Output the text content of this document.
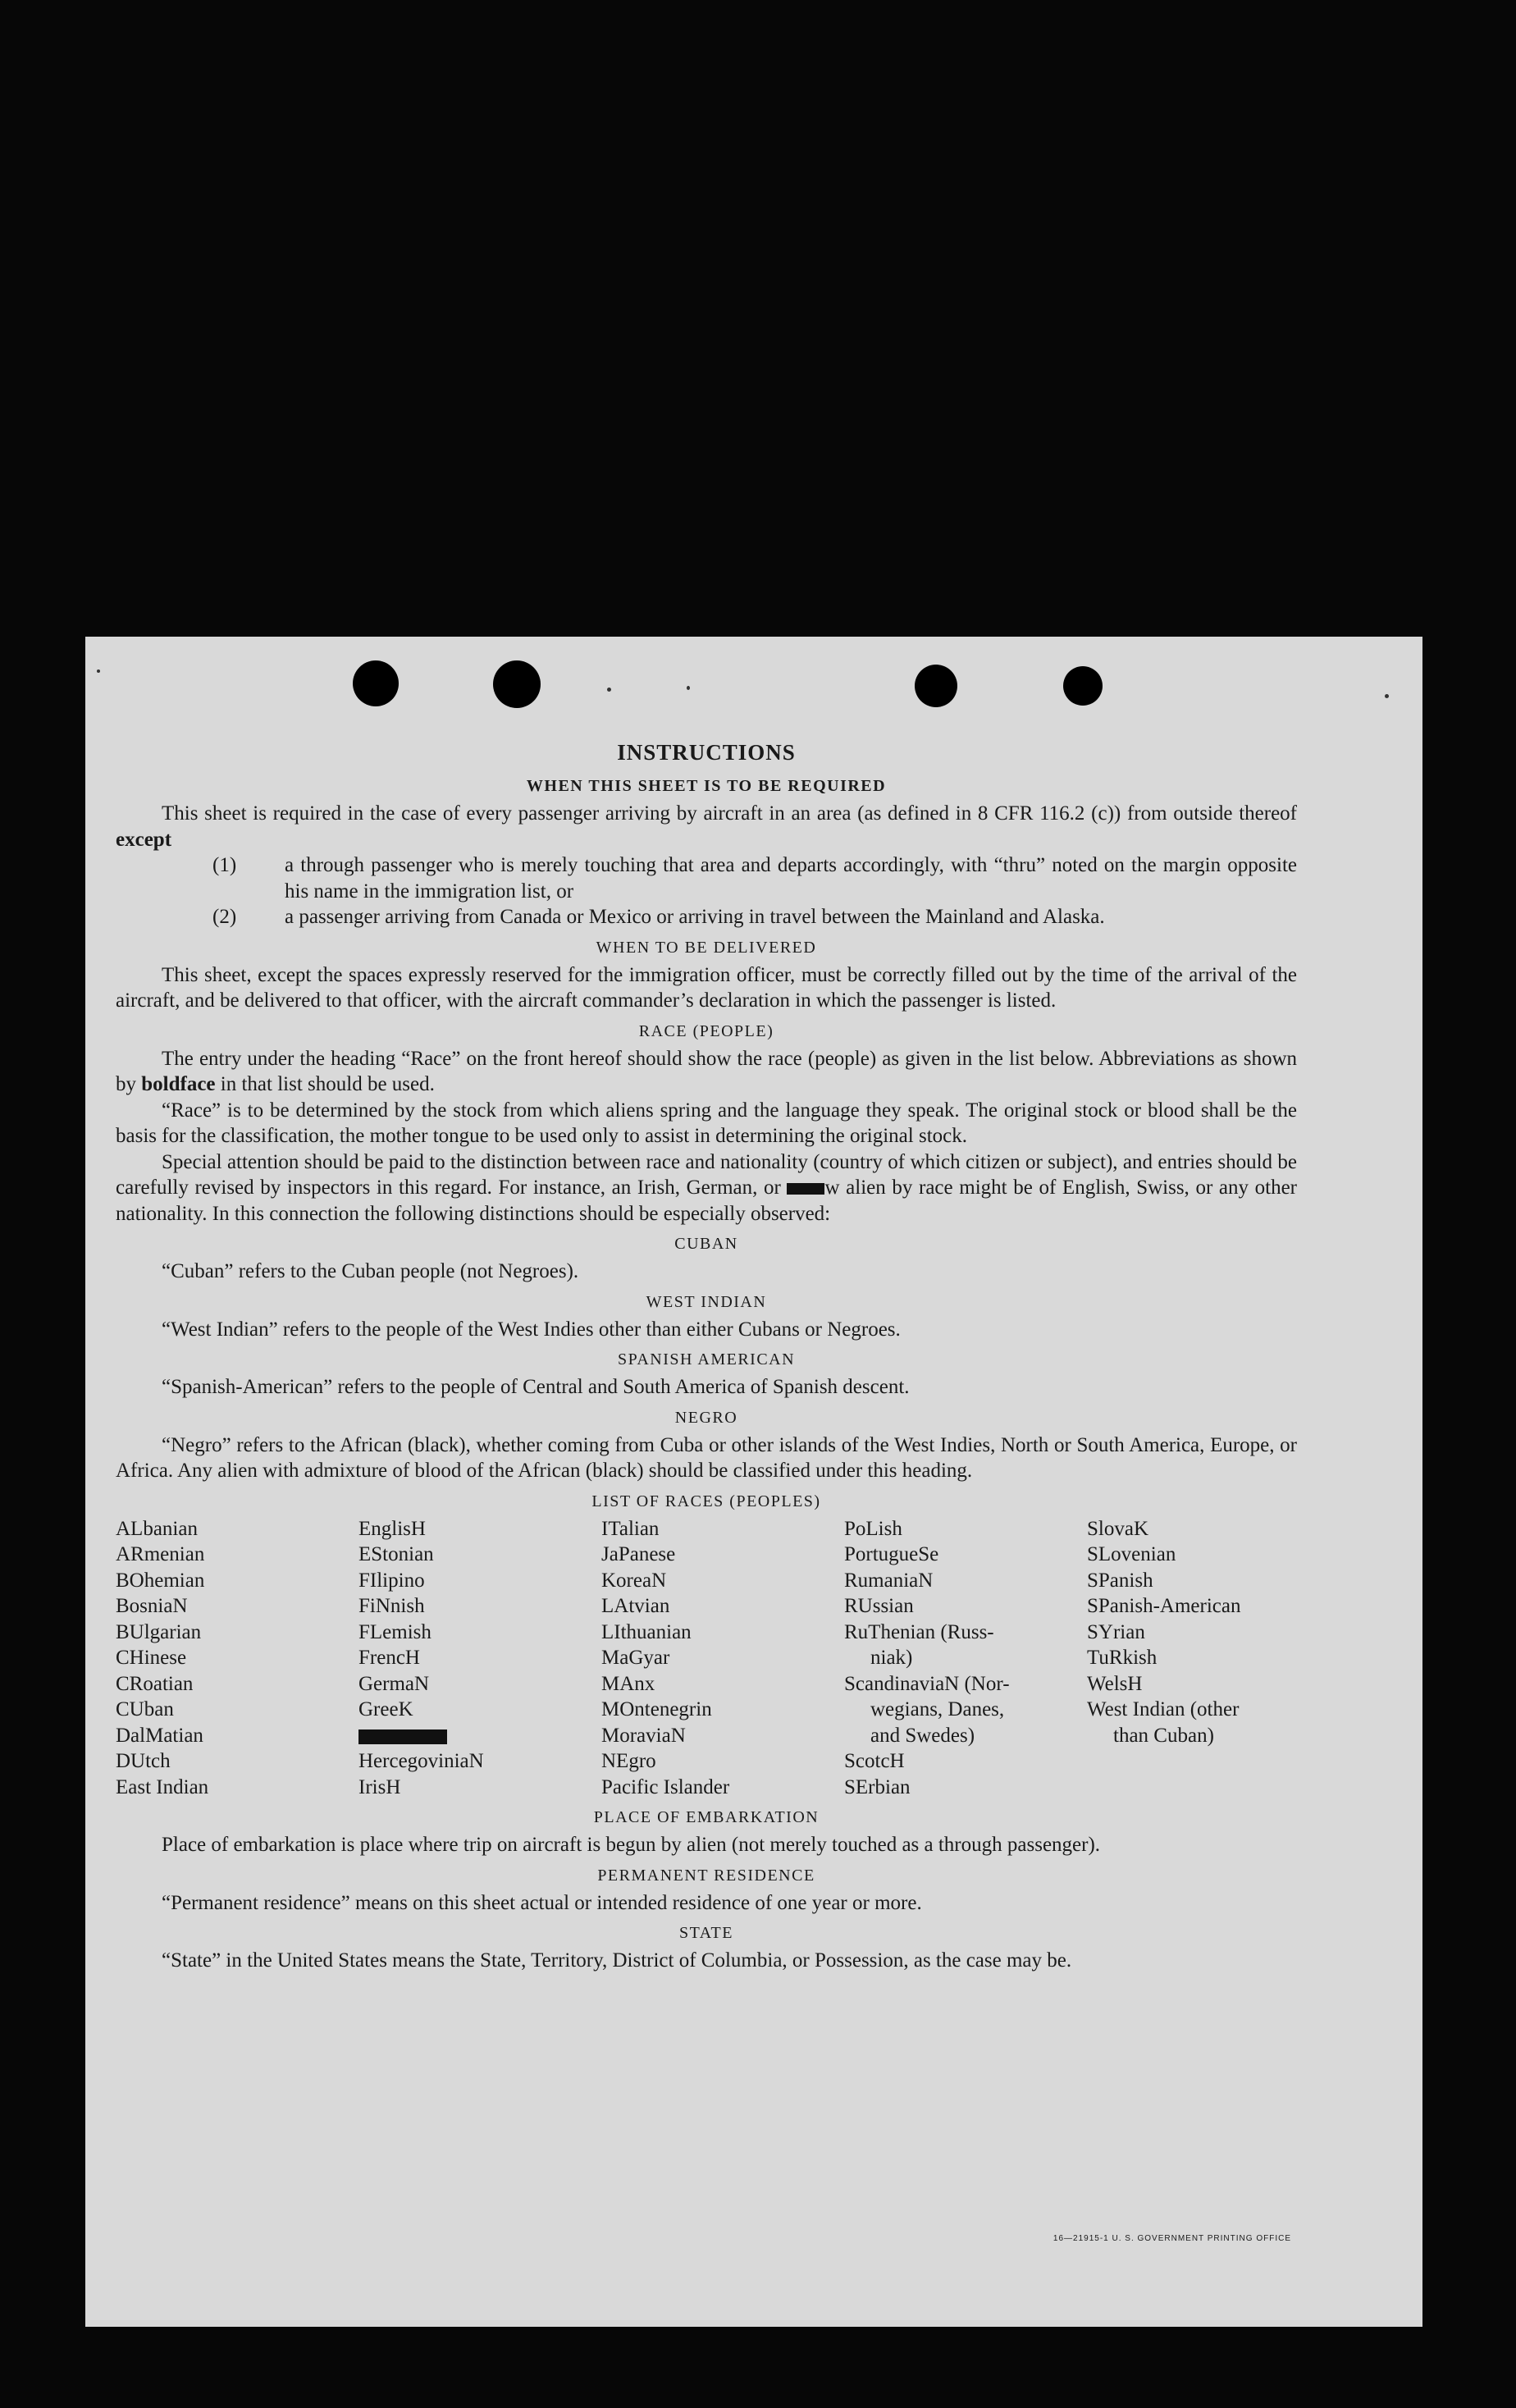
INSTRUCTIONS
WHEN THIS SHEET IS TO BE REQUIRED

This sheet is required in the case of every passenger arriving by aircraft in an area (as defined in 8 CFR 116.2 (c)) from outside thereof except

(1) a through passenger who is merely touching that area and departs accordingly, with “thru” noted on the margin opposite his name in the immigration list, or

(2) a passenger arriving from Canada or Mexico or arriving in travel between the Mainland and Alaska.

WHEN TO BE DELIVERED

This sheet, except the spaces expressly reserved for the immigration officer, must be correctly filled out by the time of the arrival of the aircraft, and be delivered to that officer, with the aircraft commander’s declaration in which the passenger is listed.

RACE (PEOPLE)

The entry under the heading “Race” on the front hereof should show the race (people) as given in the list below. Abbreviations as shown by boldface in that list should be used.

“Race” is to be determined by the stock from which aliens spring and the language they speak. The original stock or blood shall be the basis for the classification, the mother tongue to be used only to assist in determining the original stock.

Special attention should be paid to the distinction between race and nationality (country of which citizen or subject), and entries should be carefully revised by inspectors in this regard. For instance, an Irish, German, or w alien by race might be of English, Swiss, or any other nationality. In this connection the following distinctions should be especially observed:

CUBAN

“Cuban” refers to the Cuban people (not Negroes).

WEST INDIAN

“West Indian” refers to the people of the West Indies other than either Cubans or Negroes.

SPANISH AMERICAN

“Spanish-American” refers to the people of Central and South America of Spanish descent.

NEGRO

“Negro” refers to the African (black), whether coming from Cuba or other islands of the West Indies, North or South America, Europe, or Africa. Any alien with admixture of blood of the African (black) should be classified under this heading.

LIST OF RACES (PEOPLES)
ALbanian
ARmenian
BOhemian
BosniaN
BUlgarian
CHinese
CRoatian
CUban
DalMatian
DUtch
East Indian
EnglisH
EStonian
FIlipino
FiNnish
FLemish
FrencH
GermaN
GreeK
HercegoviniaN
IrisH
ITalian
JaPanese
KoreaN
LAtvian
LIthuanian
MaGyar
MAnx
MOntenegrin
MoraviaN
NEgro
Pacific Islander
PoLish
PortugueSe
RumaniaN
RUssian
RuThenian (Russ-
niak)
ScandinaviaN (Nor-
wegians, Danes,
and Swedes)
ScotcH
SErbian
SlovaK
SLovenian
SPanish
SPanish-American
SYrian
TuRkish
WelsH
West Indian (other
than Cuban)
PLACE OF EMBARKATION

Place of embarkation is place where trip on aircraft is begun by alien (not merely touched as a through passenger).

PERMANENT RESIDENCE

“Permanent residence” means on this sheet actual or intended residence of one year or more.

STATE

“State” in the United States means the State, Territory, District of Columbia, or Possession, as the case may be.

16—21915-1 U. S. GOVERNMENT PRINTING OFFICE
